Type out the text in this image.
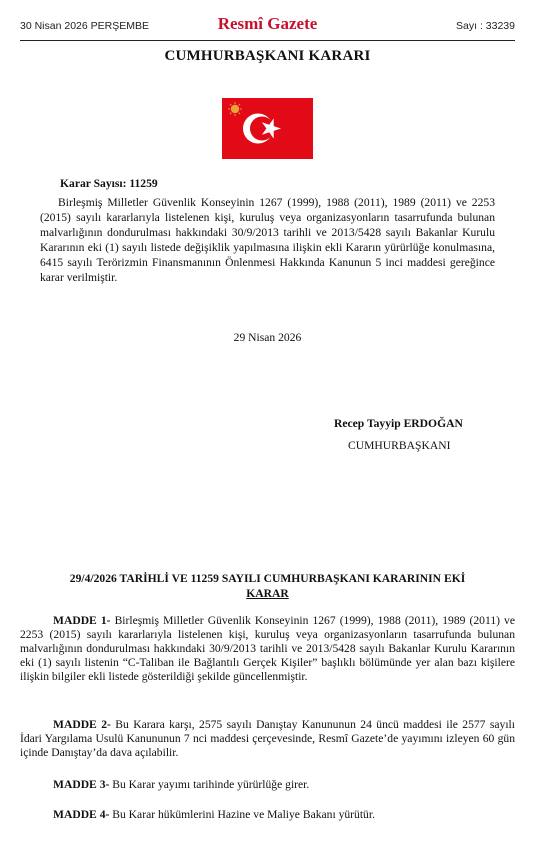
30 Nisan 2026 PERŞEMBE	Resmî Gazete	Sayı : 33239
CUMHURBAŞKANI KARARI
Karar Sayısı: 11259
Birleşmiş Milletler Güvenlik Konseyinin 1267 (1999), 1988 (2011), 1989 (2011) ve 2253 (2015) sayılı kararlarıyla listelenen kişi, kuruluş veya organizasyonların tasarrufunda bulunan malvarlığının dondurulması hakkındaki 30/9/2013 tarihli ve 2013/5428 sayılı Bakanlar Kurulu Kararının eki (1) sayılı listede değişiklik yapılmasına ilişkin ekli Kararın yürürlüğe konulmasına, 6415 sayılı Terörizmin Finansmanının Önlenmesi Hakkında Kanunun 5 inci maddesi gereğince karar verilmiştir.
29 Nisan 2026
Recep Tayyip ERDOĞAN
CUMHURBAŞKANI
29/4/2026 TARİHLİ VE 11259 SAYILI CUMHURBAŞKANI KARARININ EKİ
KARAR
MADDE 1- Birleşmiş Milletler Güvenlik Konseyinin 1267 (1999), 1988 (2011), 1989 (2011) ve 2253 (2015) sayılı kararlarıyla listelenen kişi, kuruluş veya organizasyonların tasarrufunda bulunan malvarlığının dondurulması hakkındaki 30/9/2013 tarihli ve 2013/5428 sayılı Bakanlar Kurulu Kararının eki (1) sayılı listenin “C-Taliban ile Bağlantılı Gerçek Kişiler” başlıklı bölümünde yer alan bazı kişilere ilişkin bilgiler ekli listede gösterildiği şekilde güncellenmiştir.
MADDE 2- Bu Karara karşı, 2575 sayılı Danıştay Kanununun 24 üncü maddesi ile 2577 sayılı İdari Yargılama Usulü Kanununun 7 nci maddesi çerçevesinde, Resmî Gazete’de yayımını izleyen 60 gün içinde Danıştay’da dava açılabilir.
MADDE 3- Bu Karar yayımı tarihinde yürürlüğe girer.
MADDE 4- Bu Karar hükümlerini Hazine ve Maliye Bakanı yürütür.
